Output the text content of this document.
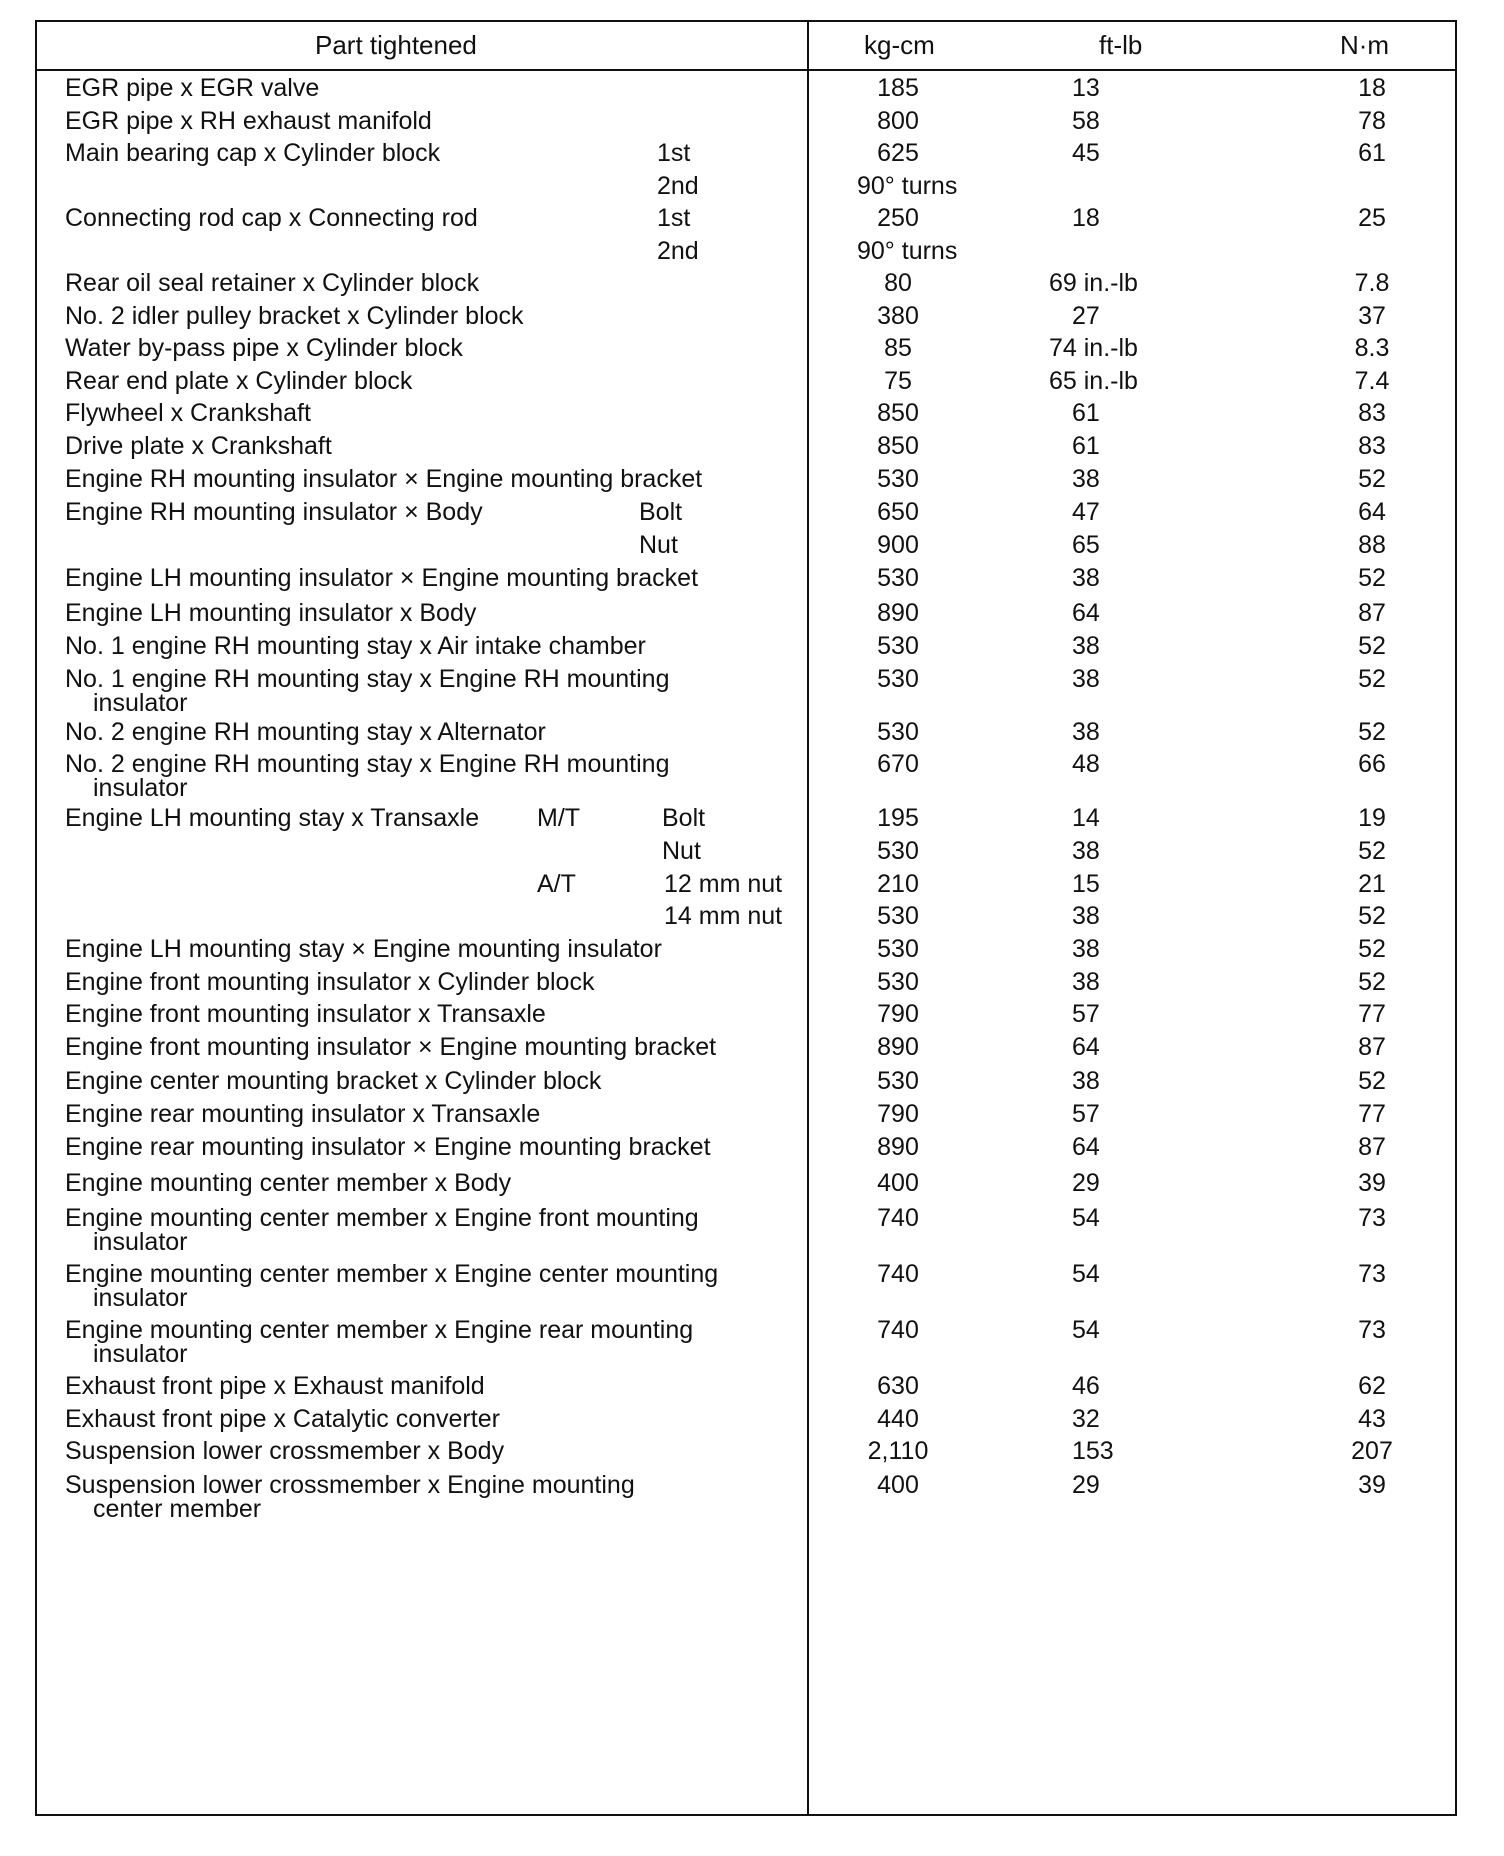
Part tightened	kg-cm	ft-lb	N·m
EGR pipe x EGR valve	185	13	18
EGR pipe x RH exhaust manifold	800	58	78
Main bearing cap x Cylinder block	1st	625	45	61
2nd	90° turns
Connecting rod cap x Connecting rod	1st	250	18	25
2nd	90° turns
Rear oil seal retainer x Cylinder block	80	69 in.-lb	7.8
No. 2 idler pulley bracket x Cylinder block	380	27	37
Water by-pass pipe x Cylinder block	85	74 in.-lb	8.3
Rear end plate x Cylinder block	75	65 in.-lb	7.4
Flywheel x Crankshaft	850	61	83
Drive plate x Crankshaft	850	61	83
Engine RH mounting insulator × Engine mounting bracket	530	38	52
Engine RH mounting insulator × Body	Bolt	650	47	64
Nut	900	65	88
Engine LH mounting insulator × Engine mounting bracket	530	38	52
Engine LH mounting insulator x Body	890	64	87
No. 1 engine RH mounting stay x Air intake chamber	530	38	52
No. 1 engine RH mounting stay x Engine RH mounting
insulator
530	38	52
No. 2 engine RH mounting stay x Alternator	530	38	52
No. 2 engine RH mounting stay x Engine RH mounting
insulator
670	48	66
Engine LH mounting stay x Transaxle M/T	Bolt	195	14	19
Nut	530	38	52
A/T	12 mm nut	210	15	21
14 mm nut	530	38	52
Engine LH mounting stay × Engine mounting insulator	530	38	52
Engine front mounting insulator x Cylinder block	530	38	52
Engine front mounting insulator x Transaxle	790	57	77
Engine front mounting insulator × Engine mounting bracket	890	64	87
Engine center mounting bracket x Cylinder block	530	38	52
Engine rear mounting insulator x Transaxle	790	57	77
Engine rear mounting insulator × Engine mounting bracket	890	64	87
Engine mounting center member x Body	400	29	39
Engine mounting center member x Engine front mounting
insulator
740	54	73
Engine mounting center member x Engine center mounting
insulator
740	54	73
Engine mounting center member x Engine rear mounting
insulator
740	54	73
Exhaust front pipe x Exhaust manifold	630	46	62
Exhaust front pipe x Catalytic converter	440	32	43
Suspension lower crossmember x Body	2,110	153	207
Suspension lower crossmember x Engine mounting
center member
400	29	39
